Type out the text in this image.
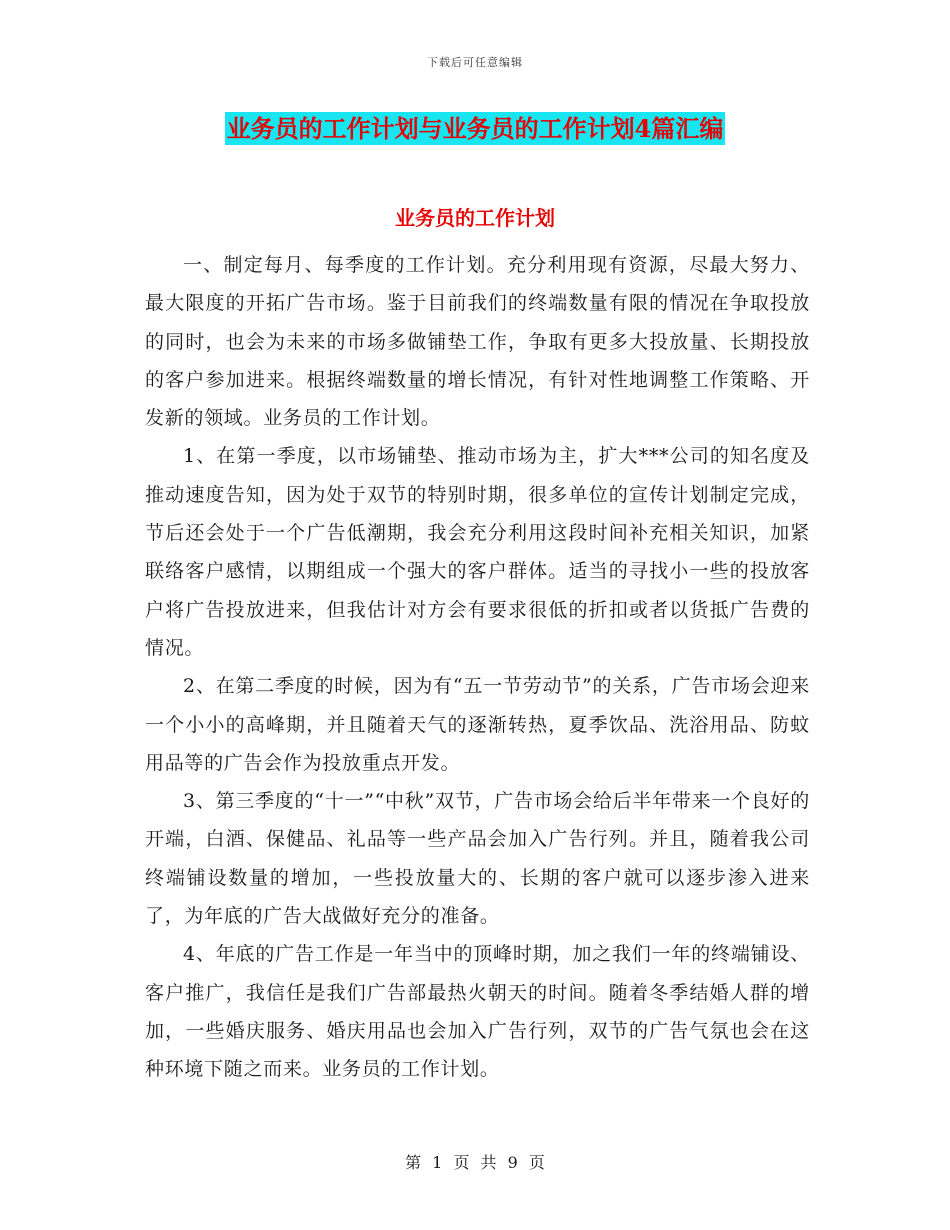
下载后可任意编辑
业务员的工作计划与业务员的工作计划4篇汇编
业务员的工作计划

一、制定每月、每季度的工作计划。充分利用现有资源，尽最大努力、最大限度的开拓广告市场。鉴于目前我们的终端数量有限的情况在争取投放的同时，也会为未来的市场多做铺垫工作，争取有更多大投放量、长期投放的客户参加进来。根据终端数量的增长情况，有针对性地调整工作策略、开发新的领域。业务员的工作计划。

1、在第一季度，以市场铺垫、推动市场为主，扩大***公司的知名度及推动速度告知，因为处于双节的特别时期，很多单位的宣传计划制定完成，节后还会处于一个广告低潮期，我会充分利用这段时间补充相关知识，加紧联络客户感情，以期组成一个强大的客户群体。适当的寻找小一些的投放客户将广告投放进来，但我估计对方会有要求很低的折扣或者以货抵广告费的情况。

2、在第二季度的时候，因为有“五一节劳动节”的关系，广告市场会迎来一个小小的高峰期，并且随着天气的逐渐转热，夏季饮品、洗浴用品、防蚊用品等的广告会作为投放重点开发。

3、第三季度的“十一”“中秋”双节，广告市场会给后半年带来一个良好的开端，白酒、保健品、礼品等一些产品会加入广告行列。并且，随着我公司终端铺设数量的增加，一些投放量大的、长期的客户就可以逐步渗入进来了，为年底的广告大战做好充分的准备。

4、年底的广告工作是一年当中的顶峰时期，加之我们一年的终端铺设、客户推广，我信任是我们广告部最热火朝天的时间。随着冬季结婚人群的增加，一些婚庆服务、婚庆用品也会加入广告行列，双节的广告气氛也会在这种环境下随之而来。业务员的工作计划。

第 1 页 共 9 页
